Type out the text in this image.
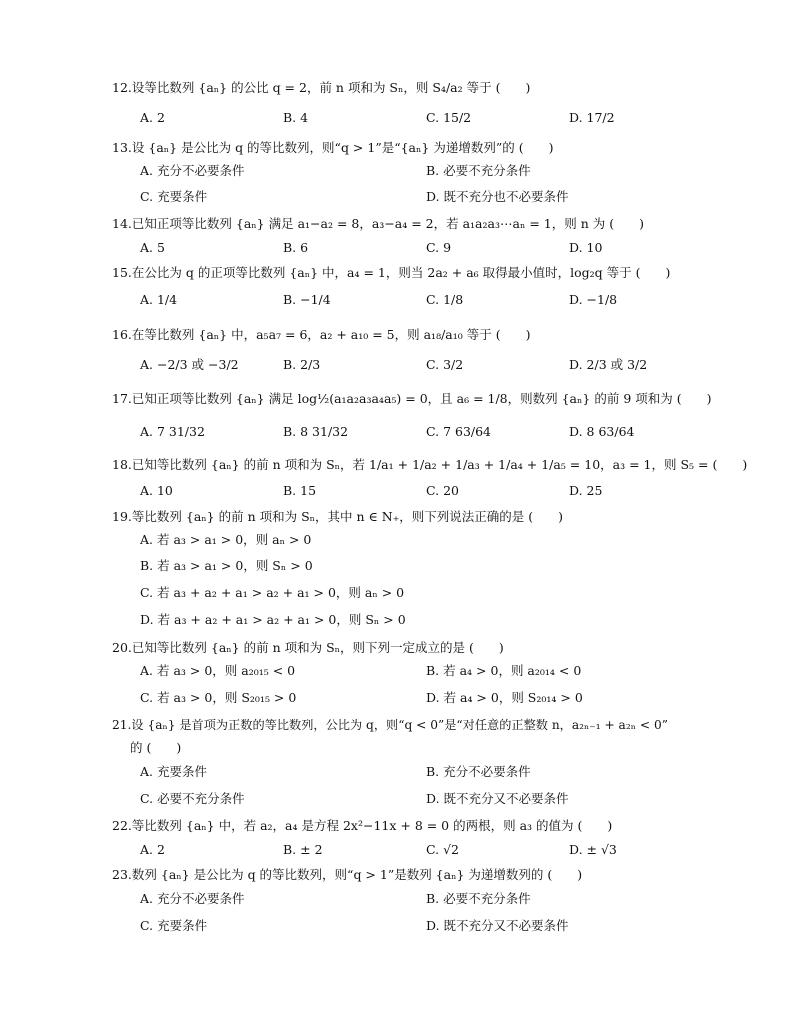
12.设等比数列 {aₙ} 的公比 q = 2，前 n 项和为 Sₙ，则 S₄/a₂ 等于 (　　)
A. 2	B. 4	C. 15/2	D. 17/2
13.设 {aₙ} 是公比为 q 的等比数列，则“q > 1”是“{aₙ} 为递增数列”的 (　　)
A. 充分不必要条件	B. 必要不充分条件
C. 充要条件	D. 既不充分也不必要条件
14.已知正项等比数列 {aₙ} 满足 a₁−a₂ = 8，a₃−a₄ = 2，若 a₁a₂a₃⋯aₙ = 1，则 n 为 (　　)
A. 5	B. 6	C. 9	D. 10
15.在公比为 q 的正项等比数列 {aₙ} 中，a₄ = 1，则当 2a₂ + a₆ 取得最小值时，log₂q 等于 (　　)
A. 1/4	B. −1/4	C. 1/8	D. −1/8
16.在等比数列 {aₙ} 中，a₅a₇ = 6，a₂ + a₁₀ = 5，则 a₁₈/a₁₀ 等于 (　　)
A. −2/3 或 −3/2	B. 2/3	C. 3/2	D. 2/3 或 3/2
17.已知正项等比数列 {aₙ} 满足 log½(a₁a₂a₃a₄a₅) = 0，且 a₆ = 1/8，则数列 {aₙ} 的前 9 项和为 (　　)
A. 7 31/32	B. 8 31/32	C. 7 63/64	D. 8 63/64
18.已知等比数列 {aₙ} 的前 n 项和为 Sₙ，若 1/a₁ + 1/a₂ + 1/a₃ + 1/a₄ + 1/a₅ = 10，a₃ = 1，则 S₅ = (　　)
A. 10	B. 15	C. 20	D. 25
19.等比数列 {aₙ} 的前 n 项和为 Sₙ，其中 n ∈ N₊，则下列说法正确的是 (　　)
A. 若 a₃ > a₁ > 0，则 aₙ > 0
B. 若 a₃ > a₁ > 0，则 Sₙ > 0
C. 若 a₃ + a₂ + a₁ > a₂ + a₁ > 0，则 aₙ > 0
D. 若 a₃ + a₂ + a₁ > a₂ + a₁ > 0，则 Sₙ > 0
20.已知等比数列 {aₙ} 的前 n 项和为 Sₙ，则下列一定成立的是 (　　)
A. 若 a₃ > 0，则 a₂₀₁₅ < 0	B. 若 a₄ > 0，则 a₂₀₁₄ < 0
C. 若 a₃ > 0，则 S₂₀₁₅ > 0	D. 若 a₄ > 0，则 S₂₀₁₄ > 0
21.设 {aₙ} 是首项为正数的等比数列，公比为 q，则“q < 0”是“对任意的正整数 n，a₂ₙ₋₁ + a₂ₙ < 0”
的 (　　)
A. 充要条件	B. 充分不必要条件
C. 必要不充分条件	D. 既不充分又不必要条件
22.等比数列 {aₙ} 中，若 a₂，a₄ 是方程 2x²−11x + 8 = 0 的两根，则 a₃ 的值为 (　　)
A. 2	B. ± 2	C. √2	D. ± √3
23.数列 {aₙ} 是公比为 q 的等比数列，则“q > 1”是数列 {aₙ} 为递增数列的 (　　)
A. 充分不必要条件	B. 必要不充分条件
C. 充要条件	D. 既不充分又不必要条件
